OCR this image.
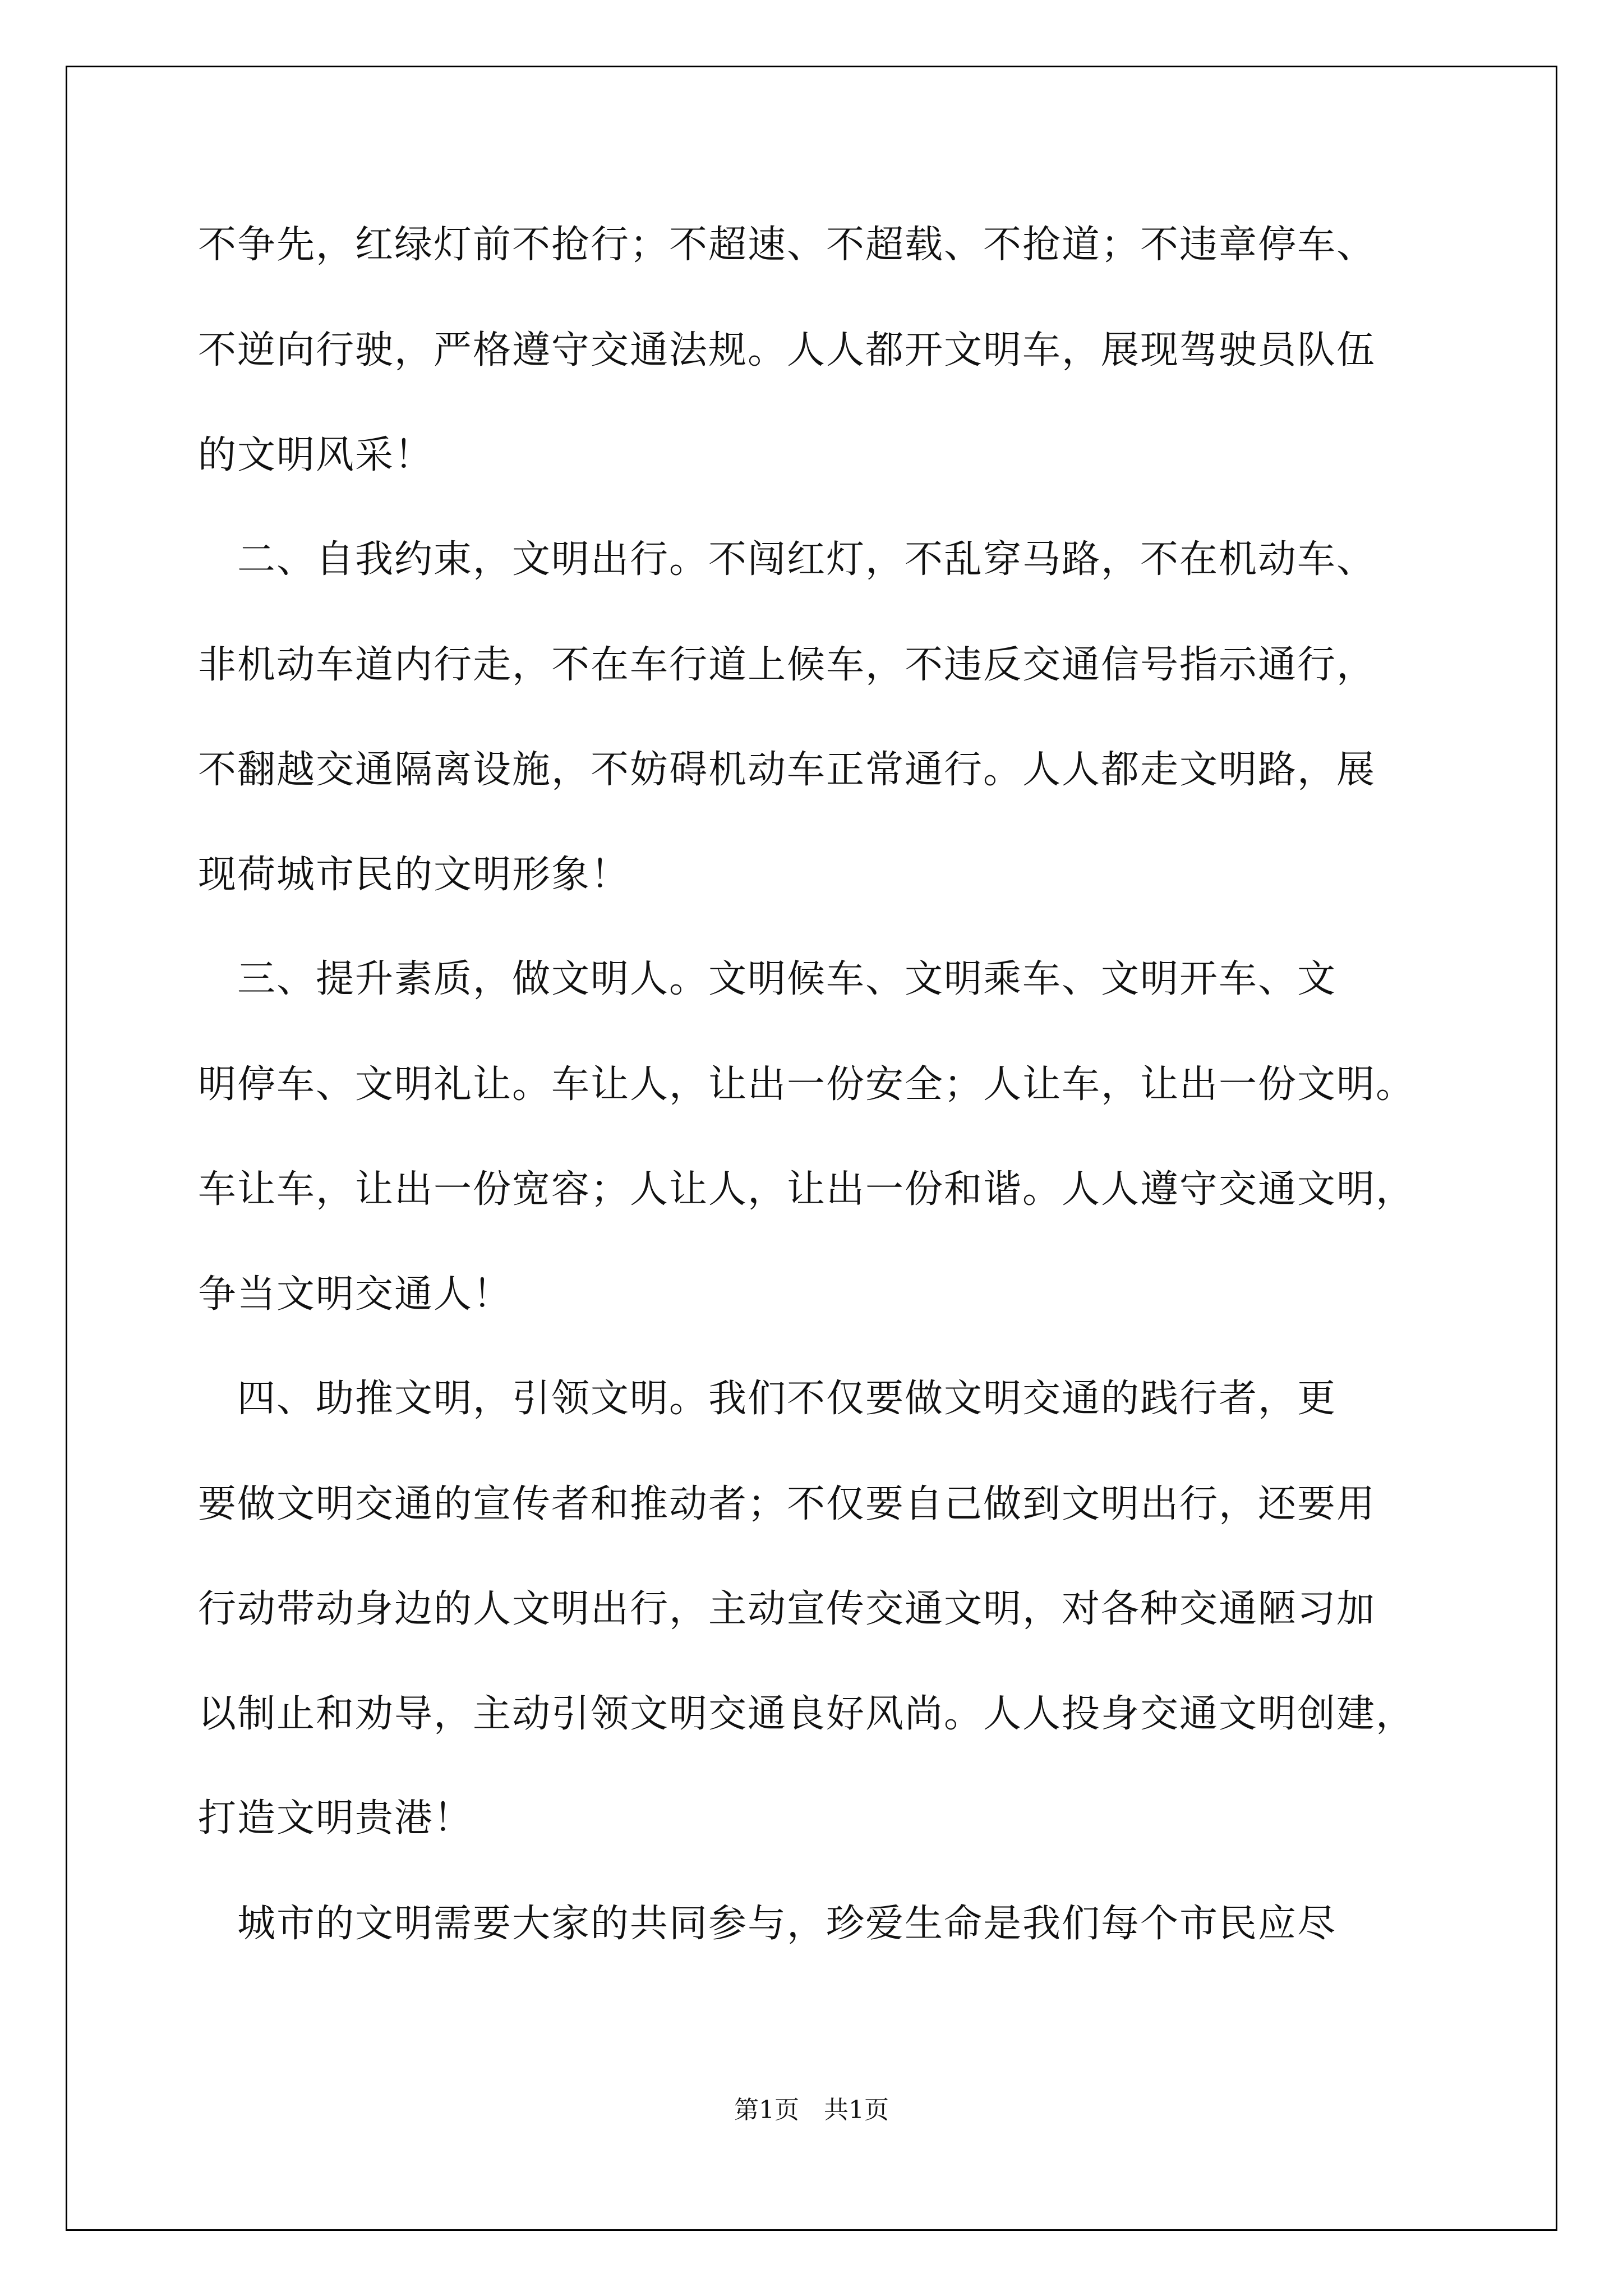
不争先，红绿灯前不抢行；不超速、不超载、不抢道；不违章停车、
不逆向行驶，严格遵守交通法规。人人都开文明车，展现驾驶员队伍
的文明风采！
　二、自我约束，文明出行。不闯红灯，不乱穿马路，不在机动车、
非机动车道内行走，不在车行道上候车，不违反交通信号指示通行，
不翻越交通隔离设施，不妨碍机动车正常通行。人人都走文明路，展
现荷城市民的文明形象！
　三、提升素质，做文明人。文明候车、文明乘车、文明开车、文
明停车、文明礼让。车让人，让出一份安全；人让车，让出一份文明。
车让车，让出一份宽容；人让人，让出一份和谐。人人遵守交通文明，
争当文明交通人！
　四、助推文明，引领文明。我们不仅要做文明交通的践行者，更
要做文明交通的宣传者和推动者；不仅要自己做到文明出行，还要用
行动带动身边的人文明出行，主动宣传交通文明，对各种交通陋习加
以制止和劝导，主动引领文明交通良好风尚。人人投身交通文明创建，
打造文明贵港！
　城市的文明需要大家的共同参与，珍爱生命是我们每个市民应尽
第1页　共1页
